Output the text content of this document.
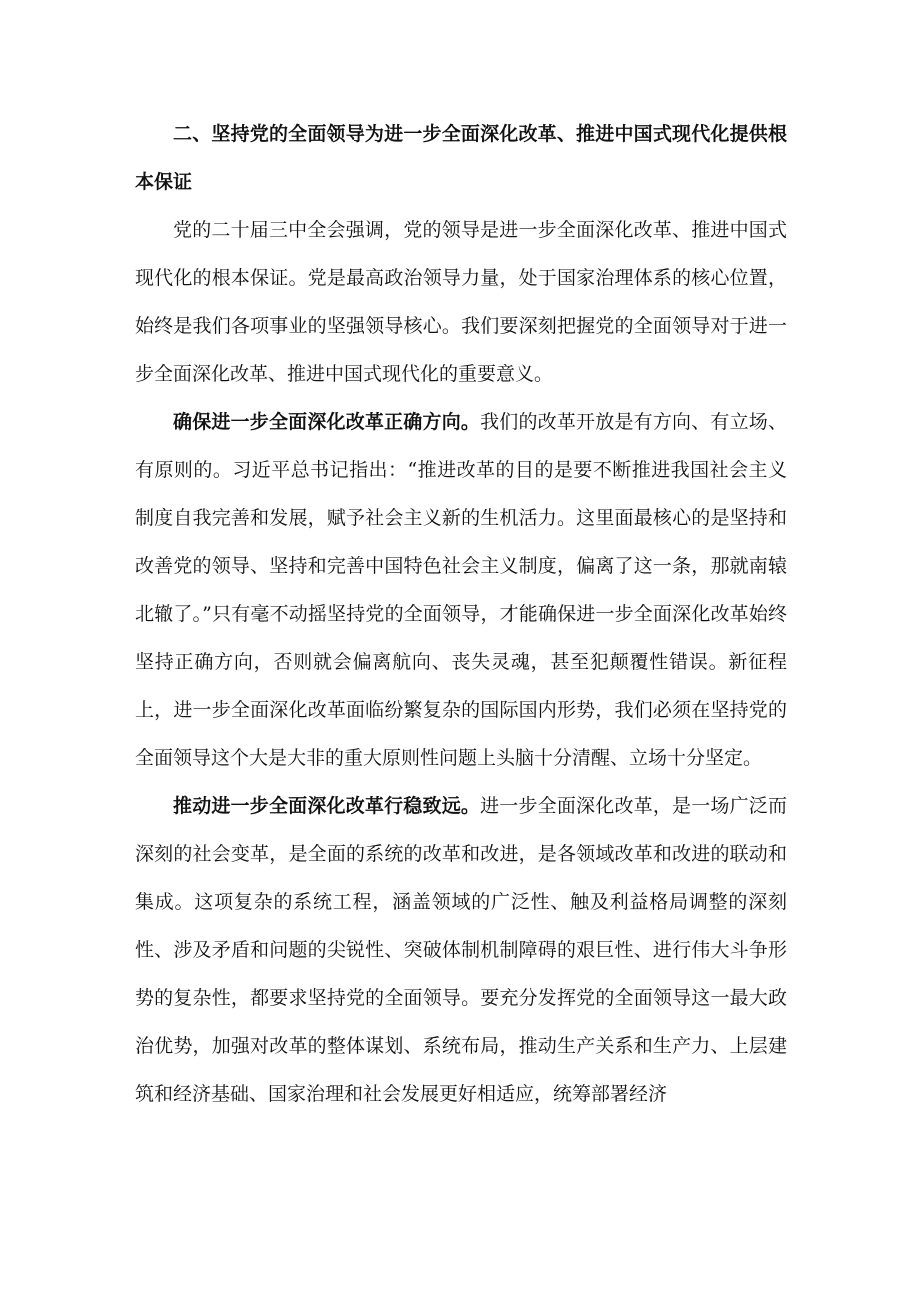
二、坚持党的全面领导为进一步全面深化改革、推进中国式现代化提供根本保证

党的二十届三中全会强调，党的领导是进一步全面深化改革、推进中国式现代化的根本保证。党是最高政治领导力量，处于国家治理体系的核心位置，始终是我们各项事业的坚强领导核心。我们要深刻把握党的全面领导对于进一步全面深化改革、推进中国式现代化的重要意义。

确保进一步全面深化改革正确方向。我们的改革开放是有方向、有立场、有原则的。习近平总书记指出：“推进改革的目的是要不断推进我国社会主义制度自我完善和发展，赋予社会主义新的生机活力。这里面最核心的是坚持和改善党的领导、坚持和完善中国特色社会主义制度，偏离了这一条，那就南辕北辙了。”只有毫不动摇坚持党的全面领导，才能确保进一步全面深化改革始终坚持正确方向，否则就会偏离航向、丧失灵魂，甚至犯颠覆性错误。新征程上，进一步全面深化改革面临纷繁复杂的国际国内形势，我们必须在坚持党的全面领导这个大是大非的重大原则性问题上头脑十分清醒、立场十分坚定。

推动进一步全面深化改革行稳致远。进一步全面深化改革，是一场广泛而深刻的社会变革，是全面的系统的改革和改进，是各领域改革和改进的联动和集成。这项复杂的系统工程，涵盖领域的广泛性、触及利益格局调整的深刻性、涉及矛盾和问题的尖锐性、突破体制机制障碍的艰巨性、进行伟大斗争形势的复杂性，都要求坚持党的全面领导。要充分发挥党的全面领导这一最大政治优势，加强对改革的整体谋划、系统布局，推动生产关系和生产力、上层建筑和经济基础、国家治理和社会发展更好相适应，统筹部署经济
